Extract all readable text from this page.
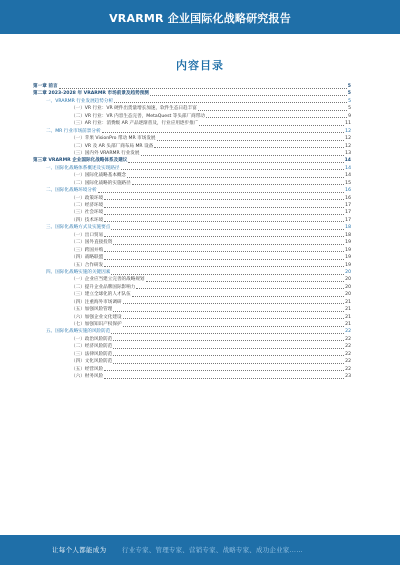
VRARMR 企业国际化战略研究报告
内容目录
第一章 前言	5
第二章 2023-2028 年 VRARMR 市场前景及趋势预测	5
一、VRARMR 行业发展趋势分析	5
（一）VR 行业：VR 硬件出货量增长加速，软件生态日趋丰富	5
（二）VR 行业：VR 内容生态完善，MetaQuest 等头部厂商带动	9
（三）AR 行业：消费级 AR 产品逐渐普及，行业应用逐步推广	11
二、MR 行业市场前景分析	12
（一）苹果 VisionPro 带动 MR 市场发展	12
（二）VR 及 AR 头部厂商布局 MR 设备	12
（三）国内外 VRARMR 行业发展	13
第三章 VRARMR 企业国际化战略体系及建议	14
一、国际化战略体系概述及实现路径	14
（一）国际化战略基本概念	14
（二）国际化战略的实施路径	15
二、国际化战略环境分析	16
（一）政策环境	16
（二）经济环境	17
（三）社会环境	17
（四）技术环境	17
三、国际化战略方式及实施要点	18
（一）出口贸易	18
（二）国外直接投资	19
（三）跨国并购	19
（四）战略联盟	19
（五）合作研发	19
四、国际化战略实施的关键因素	20
（一）企业应当建立完善的战略规划	20
（二）提升企业品牌国际影响力	20
（三）建立全球化的人才队伍	20
（四）注重海外市场调研	21
（五）加强风险管理	21
（六）加强企业文化建设	21
（七）加强知识产权保护	21
五、国际化战略实施的风险防范	22
（一）政治风险防范	22
（二）经济风险防范	22
（三）法律风险防范	22
（四）文化风险防范	22
（五）经营风险	22
（六）财务风险	23
让每个人都能成为 行业专家、管理专家、营销专家、战略专家、成功企业家……
